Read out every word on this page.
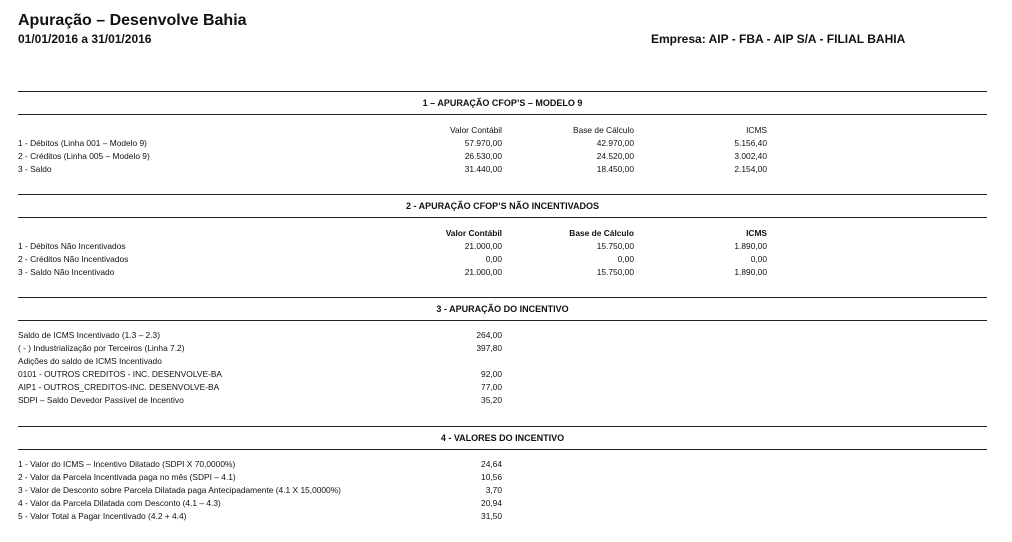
Apuração – Desenvolve Bahia
01/01/2016 a 31/01/2016	Empresa: AIP - FBA - AIP S/A - FILIAL BAHIA
1 – APURAÇÃO CFOP’S – MODELO 9
Valor Contábil	Base de Cálculo	ICMS
1 - Débitos (Linha 001 – Modelo 9)	57.970,00	42.970,00	5.156,40
2 - Créditos (Linha 005 – Modelo 9)	26.530,00	24.520,00	3.002,40
3 - Saldo	31.440,00	18.450,00	2.154,00
2 - APURAÇÃO CFOP’S NÃO INCENTIVADOS
Valor Contábil	Base de Cálculo	ICMS
1 - Débitos Não Incentivados	21.000,00	15.750,00	1.890,00
2 - Créditos Não Incentivados	0,00	0,00	0,00
3 - Saldo Não Incentivado	21.000,00	15.750,00	1.890,00
3 - APURAÇÃO DO INCENTIVO
Saldo de ICMS Incentivado (1.3 – 2.3)	264,00
( - ) Industrialização por Terceiros (Linha 7.2)	397,80
Adições do saldo de ICMS Incentivado
0101 - OUTROS CREDITOS - INC. DESENVOLVE-BA	92,00
AIP1 - OUTROS_CREDITOS-INC. DESENVOLVE-BA	77,00
SDPI – Saldo Devedor Passível de Incentivo	35,20
4 - VALORES DO INCENTIVO
1 - Valor do ICMS – Incentivo Dilatado (SDPI X 70,0000%)	24,64
2 - Valor da Parcela Incentivada paga no mês (SDPI – 4.1)	10,56
3 - Valor de Desconto sobre Parcela Dilatada paga Antecipadamente (4.1 X 15,0000%)	3,70
4 - Valor da Parcela Dilatada com Desconto (4.1 – 4.3)	20,94
5 - Valor Total a Pagar Incentivado (4.2 + 4.4)	31,50
